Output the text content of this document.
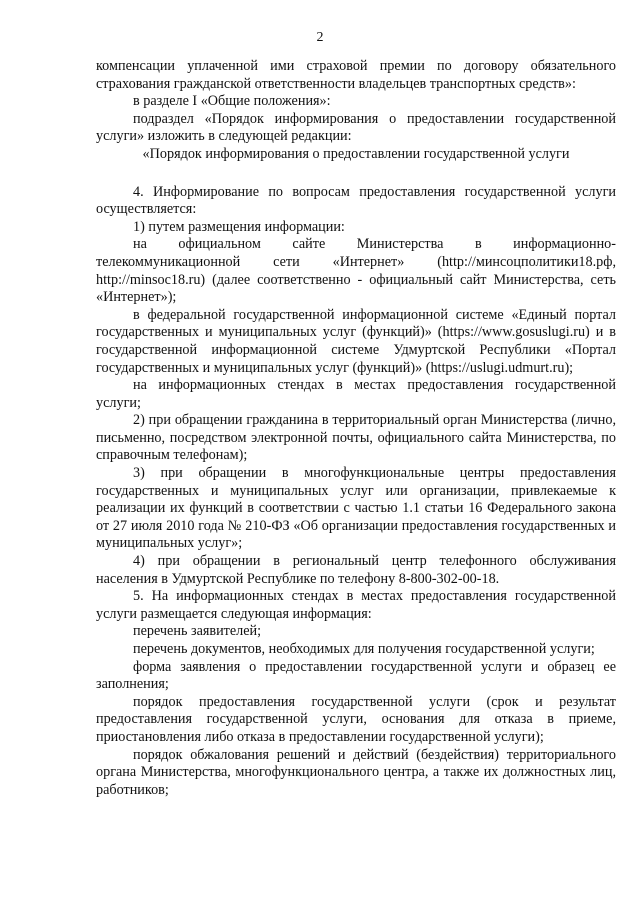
2

компенсации уплаченной ими страховой премии по договору обязательного страхования гражданской ответственности владельцев транспортных средств»:

в разделе I «Общие положения»:

подраздел «Порядок информирования о предоставлении государственной услуги» изложить в следующей редакции:

«Порядок информирования о предоставлении государственной услуги

4. Информирование по вопросам предоставления государственной услуги осуществляется:

1) путем размещения информации:

на официальном сайте Министерства в информационно-телекоммуникационной сети «Интернет» (http://минсоцполитики18.рф, http://minsoc18.ru) (далее соответственно - официальный сайт Министерства, сеть «Интернет»);

в федеральной государственной информационной системе «Единый портал государственных и муниципальных услуг (функций)» (https://www.gosuslugi.ru) и в государственной информационной системе Удмуртской Республики «Портал государственных и муниципальных услуг (функций)» (https://uslugi.udmurt.ru);

на информационных стендах в местах предоставления государственной услуги;

2) при обращении гражданина в территориальный орган Министерства (лично, письменно, посредством электронной почты, официального сайта Министерства, по справочным телефонам);

3) при обращении в многофункциональные центры предоставления государственных и муниципальных услуг или организации, привлекаемые к реализации их функций в соответствии с частью 1.1 статьи 16 Федерального закона от 27 июля 2010 года № 210-ФЗ «Об организации предоставления государственных и муниципальных услуг»;

4) при обращении в региональный центр телефонного обслуживания населения в Удмуртской Республике по телефону 8-800-302-00-18.

5. На информационных стендах в местах предоставления государственной услуги размещается следующая информация:

перечень заявителей;

перечень документов, необходимых для получения государственной услуги;

форма заявления о предоставлении государственной услуги и образец ее заполнения;

порядок предоставления государственной услуги (срок и результат предоставления государственной услуги, основания для отказа в приеме, приостановления либо отказа в предоставлении государственной услуги);

порядок обжалования решений и действий (бездействия) территориального органа Министерства, многофункционального центра, а также их должностных лиц, работников;
